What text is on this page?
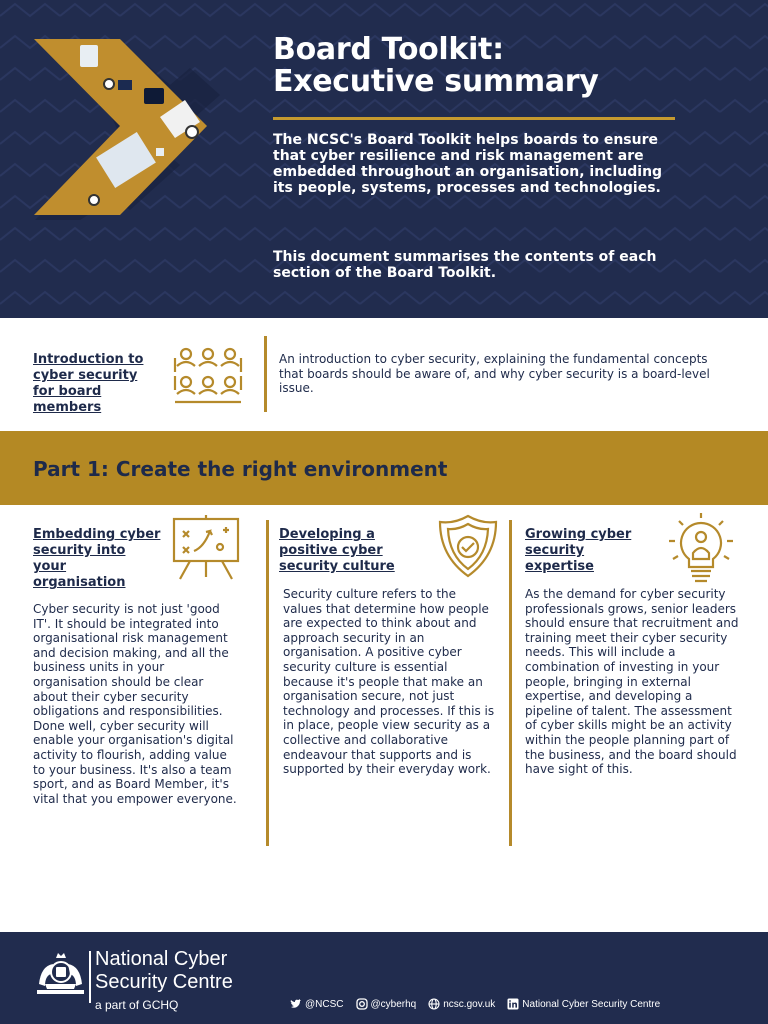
Board Toolkit:
Executive summary

The NCSC's Board Toolkit helps boards to ensure that cyber resilience and risk management are embedded throughout an organisation, including its people, systems, processes and technologies.

This document summarises the contents of each section of the Board Toolkit.

Introduction to cyber security for board members

An introduction to cyber security, explaining the fundamental concepts that boards should be aware of, and why cyber security is a board-level issue.

Part 1: Create the right environment

Embedding cyber security into your organisation

Cyber security is not just 'good IT'. It should be integrated into organisational risk management and decision making, and all the business units in your organisation should be clear about their cyber security obligations and responsibilities. Done well, cyber security will enable your organisation's digital activity to flourish, adding value to your business. It's also a team sport, and as Board Member, it's vital that you empower everyone.

Developing a positive cyber security culture

Security culture refers to the values that determine how people are expected to think about and approach security in an organisation. A positive cyber security culture is essential because it's people that make an organisation secure, not just technology and processes. If this is in place, people view security as a collective and collaborative endeavour that supports and is supported by their everyday work.

Growing cyber security expertise

As the demand for cyber security professionals grows, senior leaders should ensure that recruitment and training meet their cyber security needs. This will include a combination of investing in your people, bringing in external expertise, and developing a pipeline of talent. The assessment of cyber skills might be an activity within the people planning part of the business, and the board should have sight of this.

National Cyber
Security Centre

a part of GCHQ	@NCSC	@cyberhq	ncsc.gov.uk	National Cyber Security Centre
